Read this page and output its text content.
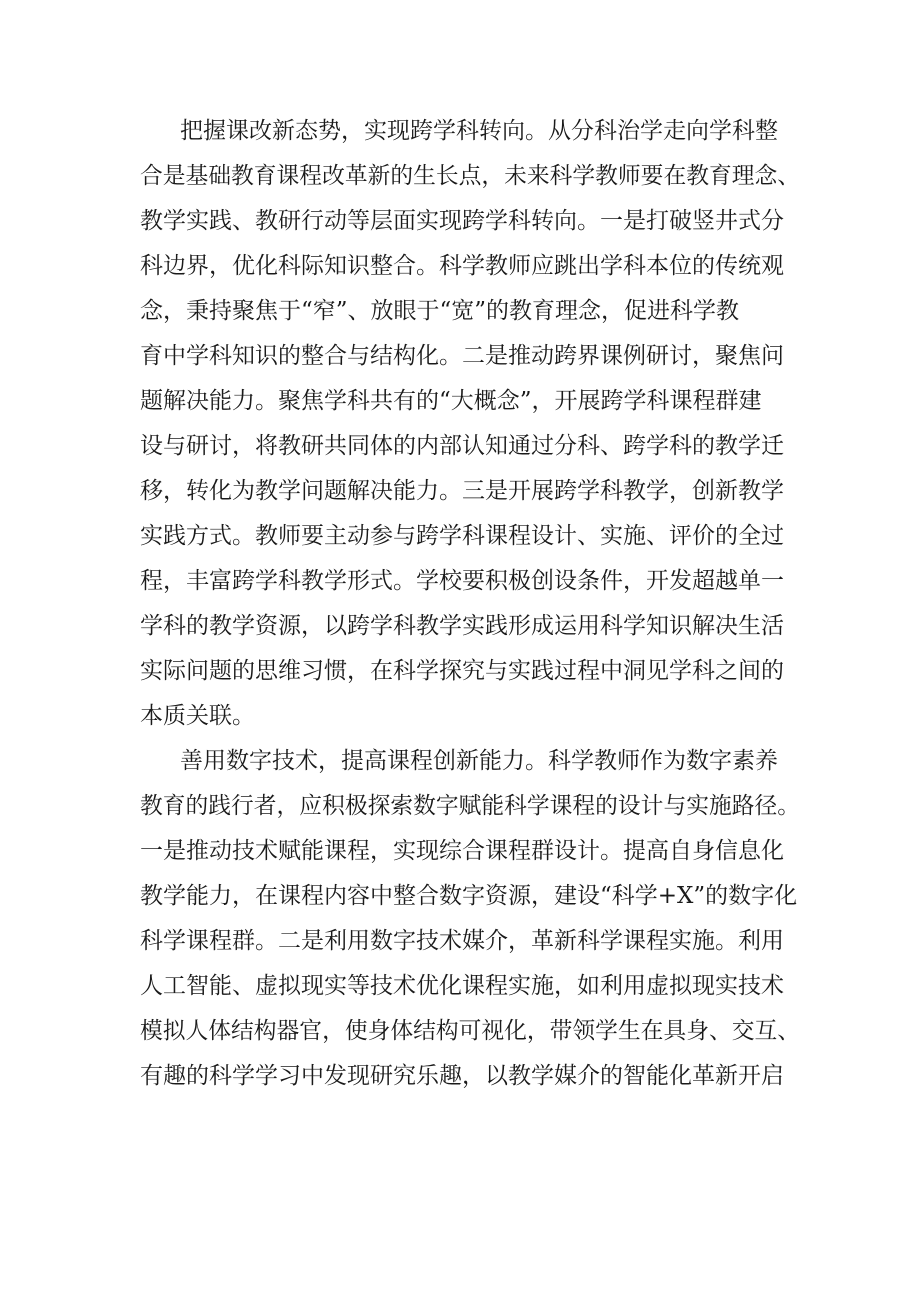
把握课改新态势，实现跨学科转向。从分科治学走向学科整
合是基础教育课程改革新的生长点，未来科学教师要在教育理念、
教学实践、教研行动等层面实现跨学科转向。一是打破竖井式分
科边界，优化科际知识整合。科学教师应跳出学科本位的传统观
念，秉持聚焦于“窄”、放眼于“宽”的教育理念，促进科学教
育中学科知识的整合与结构化。二是推动跨界课例研讨，聚焦问
题解决能力。聚焦学科共有的“大概念”，开展跨学科课程群建
设与研讨，将教研共同体的内部认知通过分科、跨学科的教学迁
移，转化为教学问题解决能力。三是开展跨学科教学，创新教学
实践方式。教师要主动参与跨学科课程设计、实施、评价的全过
程，丰富跨学科教学形式。学校要积极创设条件，开发超越单一
学科的教学资源，以跨学科教学实践形成运用科学知识解决生活
实际问题的思维习惯，在科学探究与实践过程中洞见学科之间的
本质关联。
善用数字技术，提高课程创新能力。科学教师作为数字素养
教育的践行者，应积极探索数字赋能科学课程的设计与实施路径。
一是推动技术赋能课程，实现综合课程群设计。提高自身信息化
教学能力，在课程内容中整合数字资源，建设“科学+X”的数字化
科学课程群。二是利用数字技术媒介，革新科学课程实施。利用
人工智能、虚拟现实等技术优化课程实施，如利用虚拟现实技术
模拟人体结构器官，使身体结构可视化，带领学生在具身、交互、
有趣的科学学习中发现研究乐趣，以教学媒介的智能化革新开启
